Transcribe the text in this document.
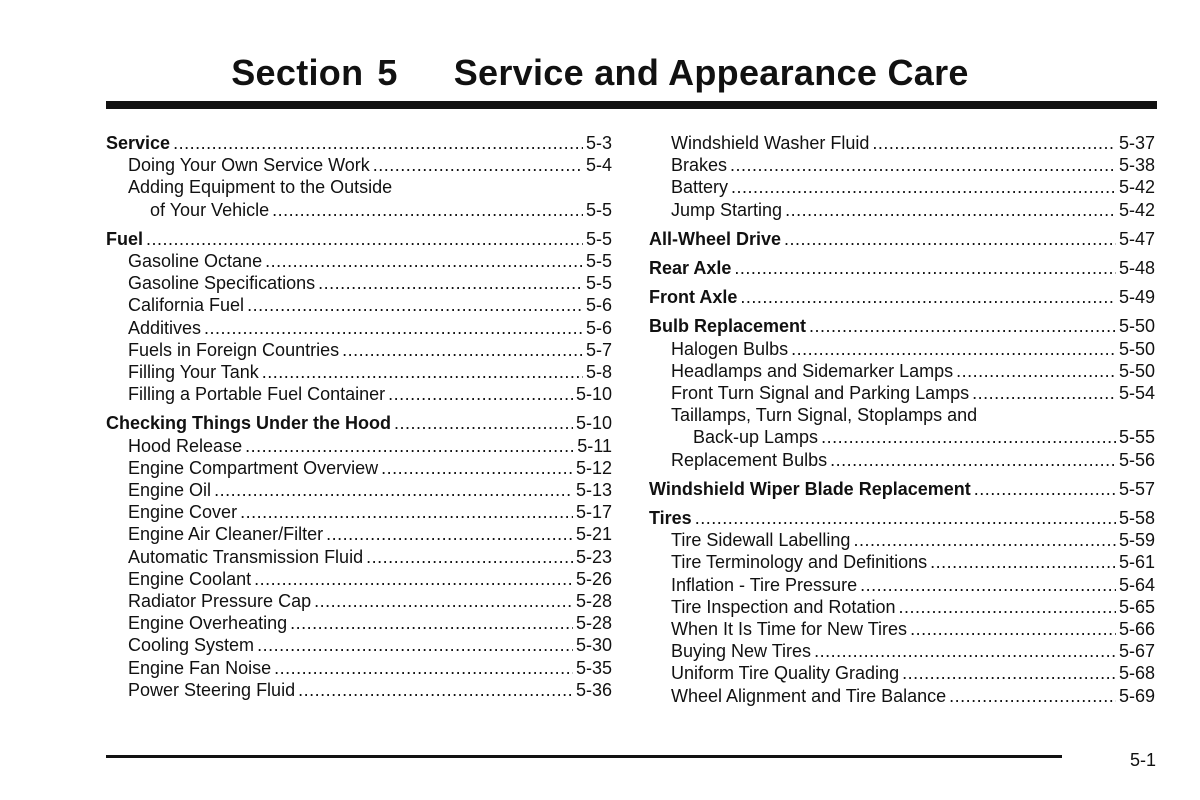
Section 5 Service and Appearance Care
Service .....	5-3
Doing Your Own Service Work .....	5-4
Adding Equipment to the Outside
of Your Vehicle .....	5-5
Fuel .....	5-5
Gasoline Octane .....	5-5
Gasoline Specifications .....	5-5
California Fuel .....	5-6
Additives .....	5-6
Fuels in Foreign Countries .....	5-7
Filling Your Tank .....	5-8
Filling a Portable Fuel Container .....	5-10
Checking Things Under the Hood .....	5-10
Hood Release .....	5-11
Engine Compartment Overview .....	5-12
Engine Oil .....	5-13
Engine Cover .....	5-17
Engine Air Cleaner/Filter .....	5-21
Automatic Transmission Fluid .....	5-23
Engine Coolant .....	5-26
Radiator Pressure Cap .....	5-28
Engine Overheating .....	5-28
Cooling System .....	5-30
Engine Fan Noise .....	5-35
Power Steering Fluid .....	5-36
Windshield Washer Fluid .....	5-37
Brakes .....	5-38
Battery .....	5-42
Jump Starting .....	5-42
All-Wheel Drive .....	5-47
Rear Axle .....	5-48
Front Axle .....	5-49
Bulb Replacement .....	5-50
Halogen Bulbs .....	5-50
Headlamps and Sidemarker Lamps .....	5-50
Front Turn Signal and Parking Lamps .....	5-54
Taillamps, Turn Signal, Stoplamps and
Back-up Lamps .....	5-55
Replacement Bulbs .....	5-56
Windshield Wiper Blade Replacement .....	5-57
Tires .....	5-58
Tire Sidewall Labelling .....	5-59
Tire Terminology and Definitions .....	5-61
Inflation - Tire Pressure .....	5-64
Tire Inspection and Rotation .....	5-65
When It Is Time for New Tires .....	5-66
Buying New Tires .....	5-67
Uniform Tire Quality Grading .....	5-68
Wheel Alignment and Tire Balance .....	5-69
5-1
